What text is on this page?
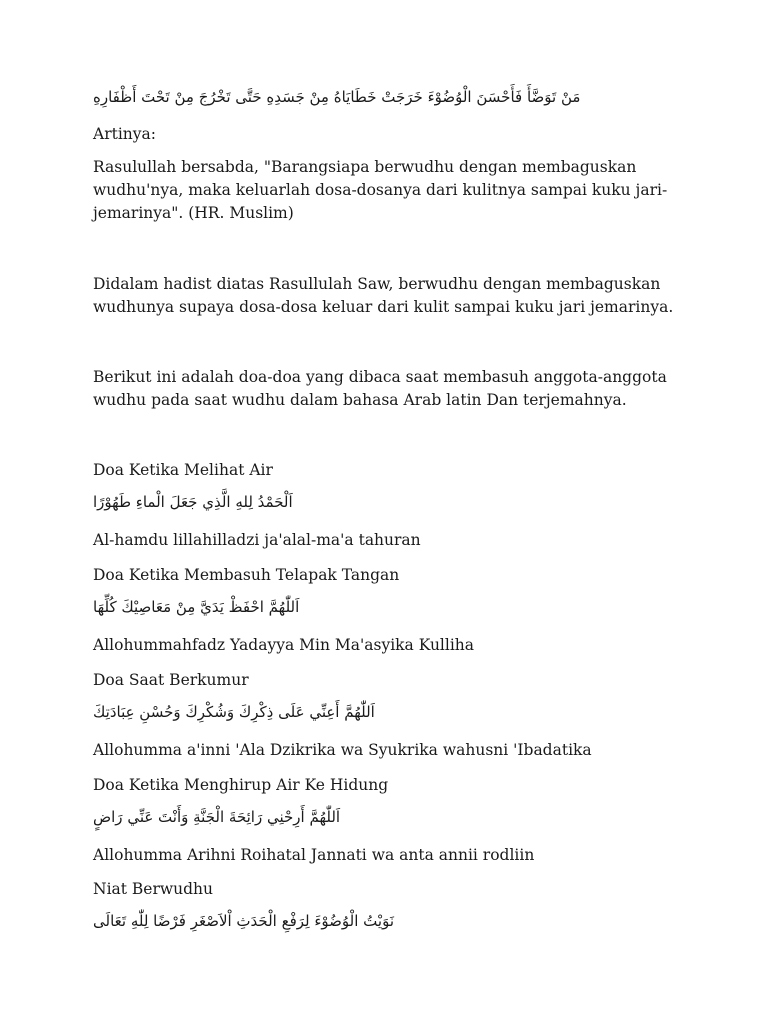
مَنْ تَوَضَّأَ فَأَحْسَنَ الْوُضُوْءَ خَرَجَتْ خَطَايَاهُ مِنْ جَسَدِهِ حَتَّى تَخْرُجَ مِنْ تَحْتَ أَظْفَارِهِ

Artinya:

Rasulullah bersabda, "Barangsiapa berwudhu dengan membaguskan wudhu'nya, maka keluarlah dosa-dosanya dari kulitnya sampai kuku jari-jemarinya". (HR. Muslim)

Didalam hadist diatas Rasullulah Saw, berwudhu dengan membaguskan wudhunya supaya dosa-dosa keluar dari kulit sampai kuku jari jemarinya.

Berikut ini adalah doa-doa yang dibaca saat membasuh anggota-anggota wudhu pada saat wudhu dalam bahasa Arab latin Dan terjemahnya.

Doa Ketika Melihat Air

اَلْحَمْدُ لِلهِ الَّذِي جَعَلَ الْماءِ طَهُوْرًا

Al-hamdu lillahilladzi ja'alal-ma'a tahuran

Doa Ketika Membasuh Telapak Tangan

اَللّٰهُمَّ احْفَظْ يَدَيَّ مِنْ مَعَاصِيْكَ كُلِّهَا

Allohummahfadz Yadayya Min Ma'asyika Kulliha

Doa Saat Berkumur

اَللّٰهُمَّ أَعِنِّي عَلَى ذِكْرِكَ وَشُكْرِكَ وَحُسْنِ عِبَادَتِكَ

Allohumma a'inni 'Ala Dzikrika wa Syukrika wahusni 'Ibadatika

Doa Ketika Menghirup Air Ke Hidung

اَللّٰهُمَّ أَرِحْنِي رَائِحَةَ الْجَنَّةِ وَأَنْتَ عَنِّي رَاضٍ

Allohumma Arihni Roihatal Jannati wa anta annii rodliin

Niat Berwudhu

نَوَيْتُ الْوُضُوْءَ لِرَفْعِ الْحَدَثِ اْلاَصْغَرِ فَرْضًا لِلّٰهِ تَعَالَى
